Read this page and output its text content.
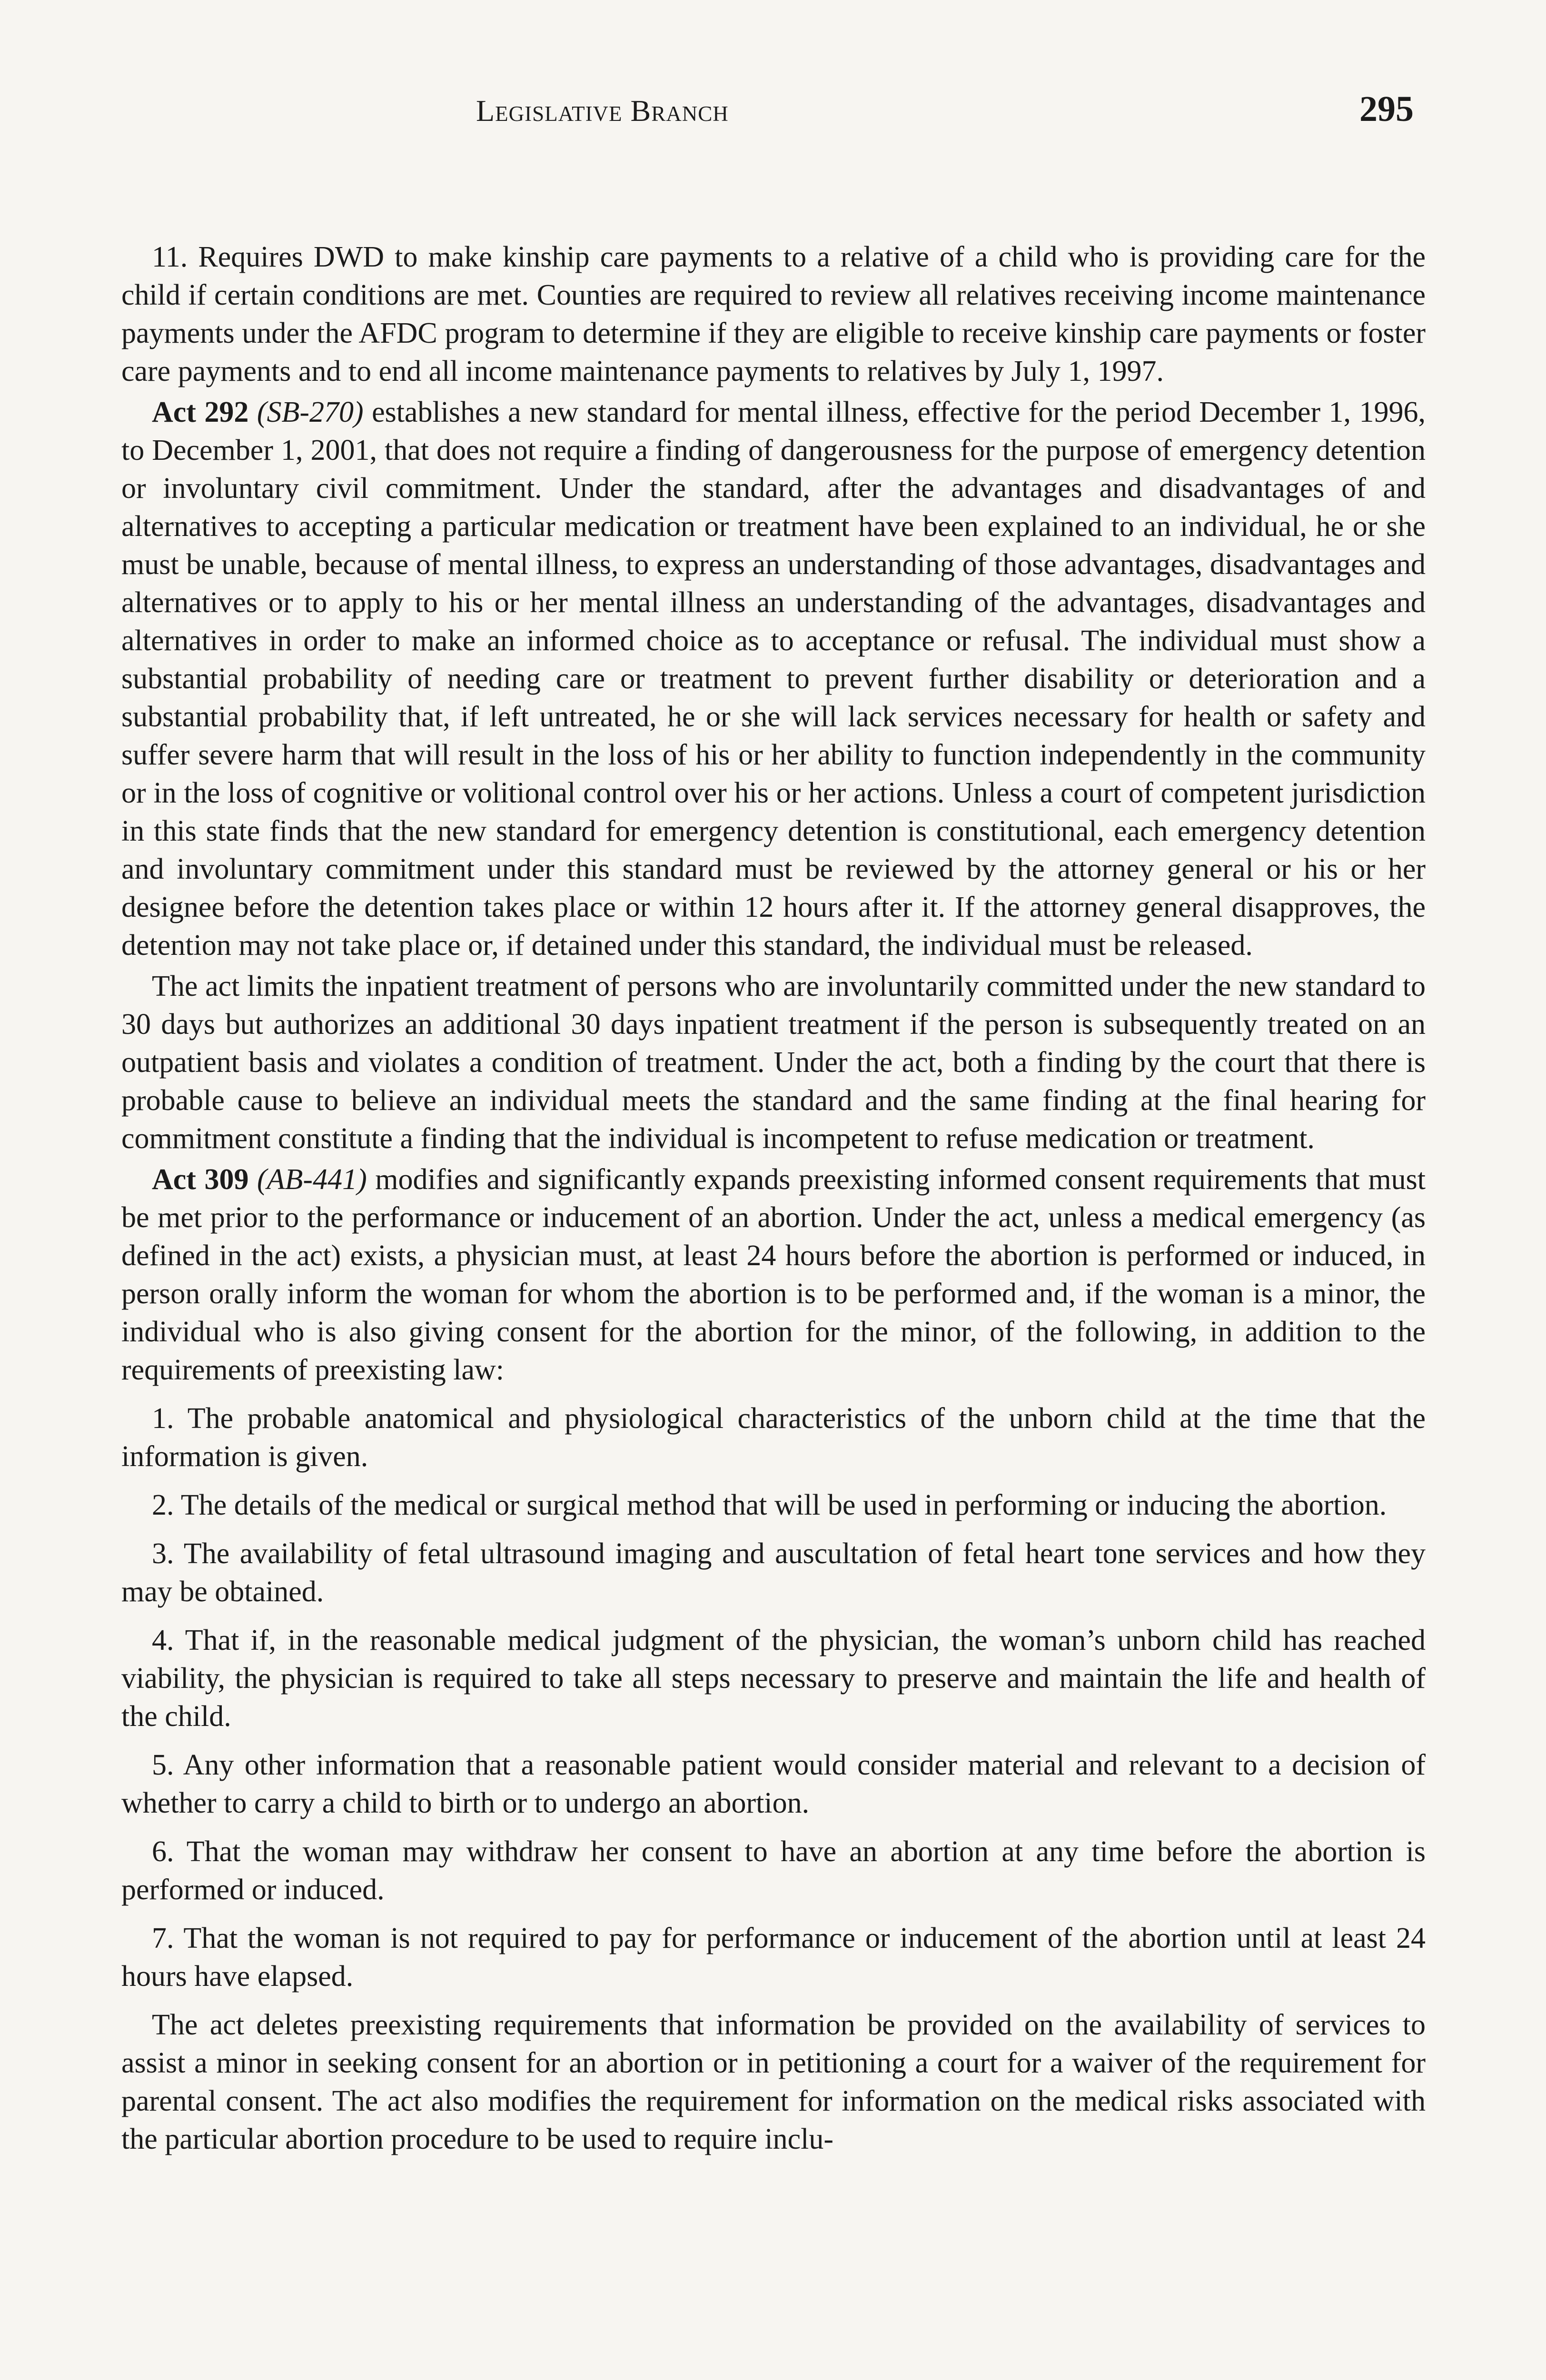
Legislative Branch	295

11. Requires DWD to make kinship care payments to a relative of a child who is providing care for the child if certain conditions are met. Counties are required to review all relatives receiving income maintenance payments under the AFDC program to determine if they are eligible to receive kinship care payments or foster care payments and to end all income maintenance payments to relatives by July 1, 1997.

Act 292 (SB-270) establishes a new standard for mental illness, effective for the period December 1, 1996, to December 1, 2001, that does not require a finding of dangerousness for the purpose of emergency detention or involuntary civil commitment. Under the standard, after the advantages and disadvantages of and alternatives to accepting a particular medication or treatment have been explained to an individual, he or she must be unable, because of mental illness, to express an understanding of those advantages, disadvantages and alternatives or to apply to his or her mental illness an understanding of the advantages, disadvantages and alternatives in order to make an informed choice as to acceptance or refusal. The individual must show a substantial probability of needing care or treatment to prevent further disability or deterioration and a substantial probability that, if left untreated, he or she will lack services necessary for health or safety and suffer severe harm that will result in the loss of his or her ability to function independently in the community or in the loss of cognitive or volitional control over his or her actions. Unless a court of competent jurisdiction in this state finds that the new standard for emergency detention is constitutional, each emergency detention and involuntary commitment under this standard must be reviewed by the attorney general or his or her designee before the detention takes place or within 12 hours after it. If the attorney general disapproves, the detention may not take place or, if detained under this standard, the individual must be released.

The act limits the inpatient treatment of persons who are involuntarily committed under the new standard to 30 days but authorizes an additional 30 days inpatient treatment if the person is subsequently treated on an outpatient basis and violates a condition of treatment. Under the act, both a finding by the court that there is probable cause to believe an individual meets the standard and the same finding at the final hearing for commitment constitute a finding that the individual is incompetent to refuse medication or treatment.

Act 309 (AB-441) modifies and significantly expands preexisting informed consent requirements that must be met prior to the performance or inducement of an abortion. Under the act, unless a medical emergency (as defined in the act) exists, a physician must, at least 24 hours before the abortion is performed or induced, in person orally inform the woman for whom the abortion is to be performed and, if the woman is a minor, the individual who is also giving consent for the abortion for the minor, of the following, in addition to the requirements of preexisting law:

1. The probable anatomical and physiological characteristics of the unborn child at the time that the information is given.

2. The details of the medical or surgical method that will be used in performing or inducing the abortion.

3. The availability of fetal ultrasound imaging and auscultation of fetal heart tone services and how they may be obtained.

4. That if, in the reasonable medical judgment of the physician, the woman’s unborn child has reached viability, the physician is required to take all steps necessary to preserve and maintain the life and health of the child.

5. Any other information that a reasonable patient would consider material and relevant to a decision of whether to carry a child to birth or to undergo an abortion.

6. That the woman may withdraw her consent to have an abortion at any time before the abortion is performed or induced.

7. That the woman is not required to pay for performance or inducement of the abortion until at least 24 hours have elapsed.

The act deletes preexisting requirements that information be provided on the availability of services to assist a minor in seeking consent for an abortion or in petitioning a court for a waiver of the requirement for parental consent. The act also modifies the requirement for information on the medical risks associated with the particular abortion procedure to be used to require inclu-
